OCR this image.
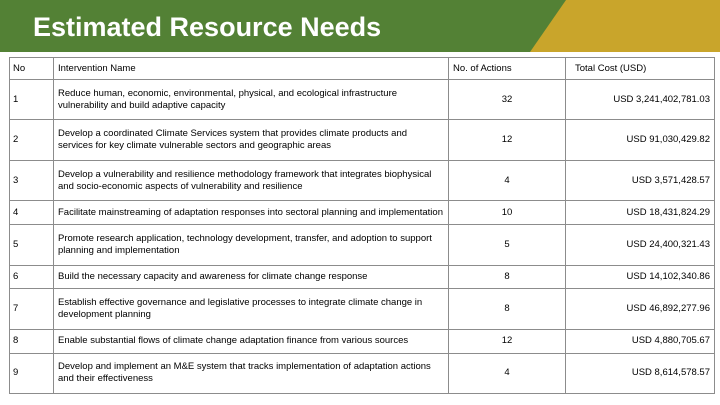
Estimated Resource Needs
No	Intervention Name	No. of Actions	Total Cost (USD)
1	Reduce human, economic, environmental, physical, and ecological infrastructure vulnerability and build adaptive capacity	32	USD 3,241,402,781.03
2	Develop a coordinated Climate Services system that provides climate products and services for key climate vulnerable sectors and geographic areas	12	USD 91,030,429.82
3	Develop a vulnerability and resilience methodology framework that integrates biophysical and socio-economic aspects of vulnerability and resilience	4	USD 3,571,428.57
4	Facilitate mainstreaming of adaptation responses into sectoral planning and implementation	10	USD 18,431,824.29
5	Promote research application, technology development, transfer, and adoption to support planning and implementation	5	USD 24,400,321.43
6	Build the necessary capacity and awareness for climate change response	8	USD 14,102,340.86
7	Establish effective governance and legislative processes to integrate climate change in development planning	8	USD 46,892,277.96
8	Enable substantial flows of climate change adaptation finance from various sources	12	USD 4,880,705.67
9	Develop and implement an M&E system that tracks implementation of adaptation actions and their effectiveness	4	USD 8,614,578.57
